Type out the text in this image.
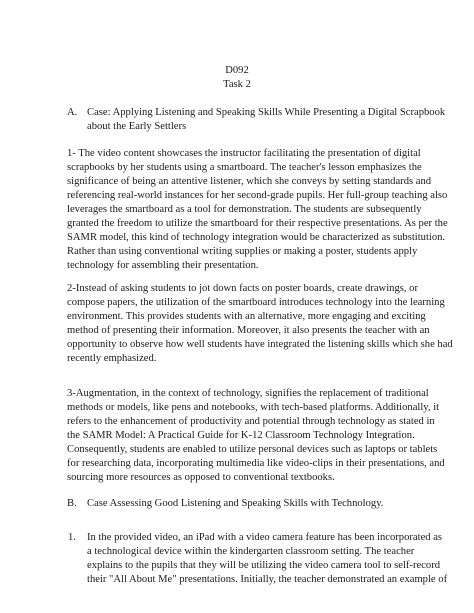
D092
Task 2
A. Case: Applying Listening and Speaking Skills While Presenting a Digital Scrapbook
about the Early Settlers
1- The video content showcases the instructor facilitating the presentation of digital
scrapbooks by her students using a smartboard. The teacher's lesson emphasizes the
significance of being an attentive listener, which she conveys by setting standards and
referencing real-world instances for her second-grade pupils. Her full-group teaching also
leverages the smartboard as a tool for demonstration. The students are subsequently
granted the freedom to utilize the smartboard for their respective presentations. As per the
SAMR model, this kind of technology integration would be characterized as substitution.
Rather than using conventional writing supplies or making a poster, students apply
technology for assembling their presentation.
2-Instead of asking students to jot down facts on poster boards, create drawings, or
compose papers, the utilization of the smartboard introduces technology into the learning
environment. This provides students with an alternative, more engaging and exciting
method of presenting their information. Moreover, it also presents the teacher with an
opportunity to observe how well students have integrated the listening skills which she had
recently emphasized.
3-Augmentation, in the context of technology, signifies the replacement of traditional
methods or models, like pens and notebooks, with tech-based platforms. Additionally, it
refers to the enhancement of productivity and potential through technology as stated in
the SAMR Model: A Practical Guide for K-12 Classroom Technology Integration.
Consequently, students are enabled to utilize personal devices such as laptops or tablets
for researching data, incorporating multimedia like video-clips in their presentations, and
sourcing more resources as opposed to conventional textbooks.
B. Case Assessing Good Listening and Speaking Skills with Technology.
1. In the provided video, an iPad with a video camera feature has been incorporated as
a technological device within the kindergarten classroom setting. The teacher
explains to the pupils that they will be utilizing the video camera tool to self-record
their "All About Me" presentations. Initially, the teacher demonstrated an example of
